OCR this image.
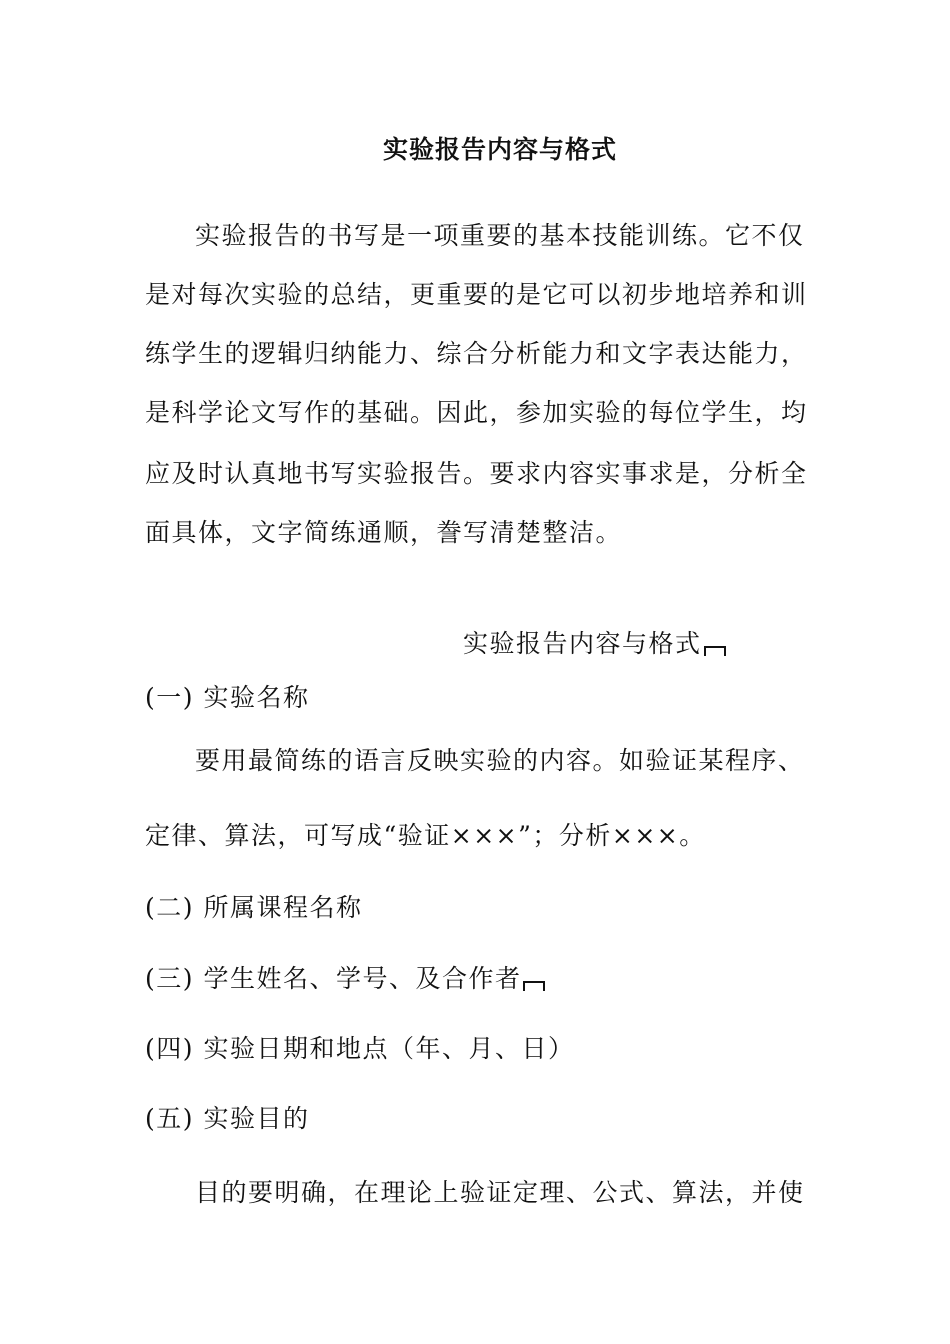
实验报告内容与格式
实验报告的书写是一项重要的基本技能训练。它不仅
是对每次实验的总结，更重要的是它可以初步地培养和训
练学生的逻辑归纳能力、综合分析能力和文字表达能力，
是科学论文写作的基础。因此，参加实验的每位学生，均
应及时认真地书写实验报告。要求内容实事求是，分析全
面具体，文字简练通顺，誊写清楚整洁。
实验报告内容与格式
(一) 实验名称
要用最简练的语言反映实验的内容。如验证某程序、
定律、算法，可写成“验证×××”；分析×××。
(二) 所属课程名称
(三) 学生姓名、学号、及合作者
(四) 实验日期和地点（年、月、日）
(五) 实验目的
目的要明确，在理论上验证定理、公式、算法，并使
